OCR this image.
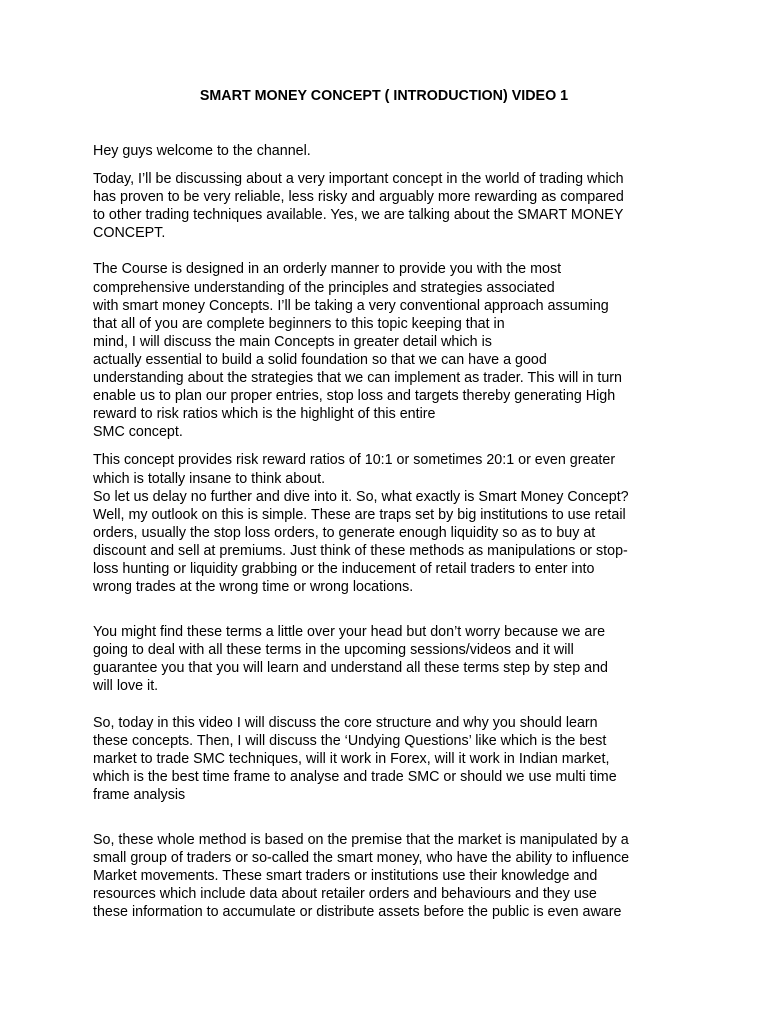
SMART MONEY CONCEPT ( INTRODUCTION) VIDEO 1
Hey guys welcome to the channel.
Today, I’ll be discussing about a very important concept in the world of trading which
has proven to be very reliable, less risky and arguably more rewarding as compared
to other trading techniques available. Yes, we are talking about the SMART MONEY
CONCEPT.
The Course is designed in an orderly manner to provide you with the most
comprehensive understanding of the principles and strategies associated
with smart money Concepts. I’ll be taking a very conventional approach assuming
that all of you are complete beginners to this topic keeping that in
mind, I will discuss the main Concepts in greater detail which is
actually essential to build a solid foundation so that we can have a good
understanding about the strategies that we can implement as trader. This will in turn
enable us to plan our proper entries, stop loss and targets thereby generating High
reward to risk ratios which is the highlight of this entire
SMC concept.
This concept provides risk reward ratios of 10:1 or sometimes 20:1 or even greater
which is totally insane to think about.
So let us delay no further and dive into it. So, what exactly is Smart Money Concept?
Well, my outlook on this is simple. These are traps set by big institutions to use retail
orders, usually the stop loss orders, to generate enough liquidity so as to buy at
discount and sell at premiums. Just think of these methods as manipulations or stop-
loss hunting or liquidity grabbing or the inducement of retail traders to enter into
wrong trades at the wrong time or wrong locations.
You might find these terms a little over your head but don’t worry because we are
going to deal with all these terms in the upcoming sessions/videos and it will
guarantee you that you will learn and understand all these terms step by step and
will love it.
So, today in this video I will discuss the core structure and why you should learn
these concepts. Then, I will discuss the ‘Undying Questions’ like which is the best
market to trade SMC techniques, will it work in Forex, will it work in Indian market,
which is the best time frame to analyse and trade SMC or should we use multi time
frame analysis
So, these whole method is based on the premise that the market is manipulated by a
small group of traders or so-called the smart money, who have the ability to influence
Market movements. These smart traders or institutions use their knowledge and
resources which include data about retailer orders and behaviours and they use
these information to accumulate or distribute assets before the public is even aware
